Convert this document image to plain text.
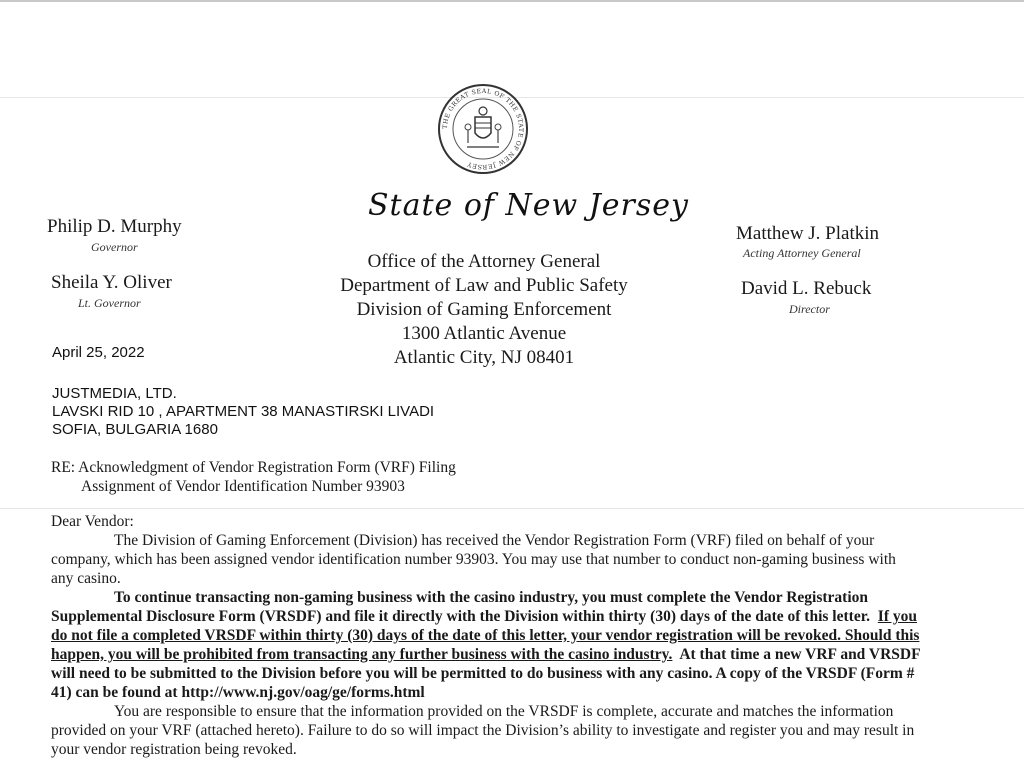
THE GREAT SEAL OF THE STATE OF NEW JERSEY
State of New Jersey
Philip D. Murphy
Governor
Sheila Y. Oliver
Lt. Governor
Matthew J. Platkin
Acting Attorney General
David L. Rebuck
Director
Office of the Attorney General
Department of Law and Public Safety
Division of Gaming Enforcement
1300 Atlantic Avenue
Atlantic City, NJ 08401
April 25, 2022
JUSTMEDIA, LTD.
LAVSKI RID 10 , APARTMENT 38 MANASTIRSKI LIVADI
SOFIA, BULGARIA 1680
RE: Acknowledgment of Vendor Registration Form (VRF) Filing
Assignment of Vendor Identification Number 93903

Dear Vendor:

The Division of Gaming Enforcement (Division) has received the Vendor Registration Form (VRF) filed on behalf of your company, which has been assigned vendor identification number 93903. You may use that number to conduct non-gaming business with any casino.

To continue transacting non-gaming business with the casino industry, you must complete the Vendor Registration Supplemental Disclosure Form (VRSDF) and file it directly with the Division within thirty (30) days of the date of this letter. If you do not file a completed VRSDF within thirty (30) days of the date of this letter, your vendor registration will be revoked. Should this happen, you will be prohibited from transacting any further business with the casino industry. At that time a new VRF and VRSDF will need to be submitted to the Division before you will be permitted to do business with any casino. A copy of the VRSDF (Form # 41) can be found at http://www.nj.gov/oag/ge/forms.html

You are responsible to ensure that the information provided on the VRSDF is complete, accurate and matches the information provided on your VRF (attached hereto). Failure to do so will impact the Division’s ability to investigate and register you and may result in your vendor registration being revoked.
